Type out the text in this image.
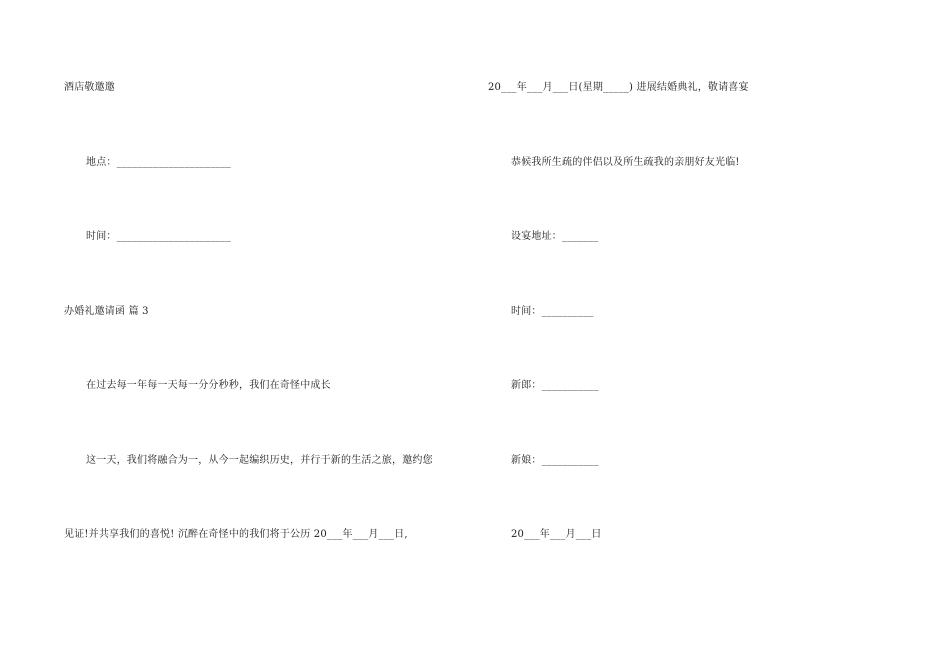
酒店敬邀邀
地点：______________________
时间：______________________
办婚礼邀请函 篇 3
在过去每一年每一天每一分分秒秒，我们在奇怪中成长
这一天，我们将融合为一，从今一起编织历史，并行于新的生活之旅，邀约您
见证!并共享我们的喜悦! 沉醉在奇怪中的我们将于公历 20___年___月___日,
20___年___月___日(星期_____) 进展结婚典礼，敬请喜宴
恭候我所生疏的伴侣以及所生疏我的亲朋好友光临!
设宴地址：_______
时间：__________
新郎：___________
新娘：___________
20___年___月___日
